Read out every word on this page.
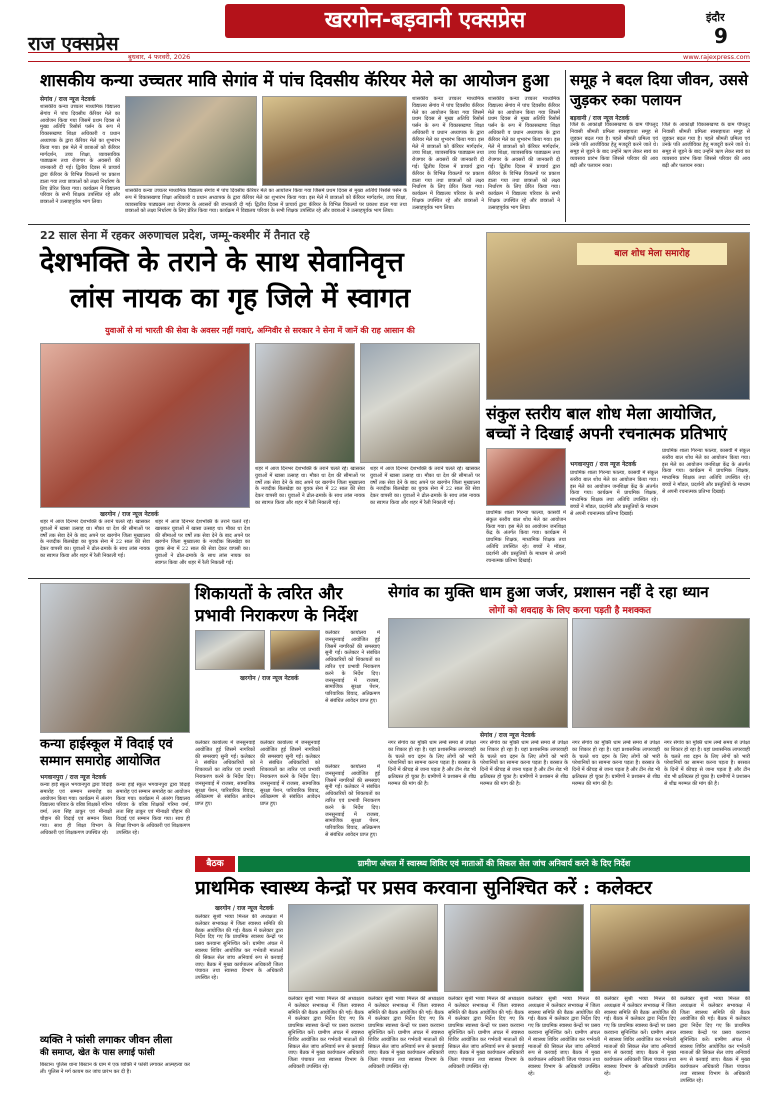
राज एक्सप्रेस
खरगोन-बड़वानी एक्सप्रेस	इंदौर
9
बुधवार, 4 फरवरी, 2026	www.rajexpress.com
शासकीय कन्या उच्चतर मावि सेगांव में पांच दिवसीय कॅरियर मेले का आयोजन हुआ
सेगांव / राज न्यूज नेटवर्क
शासकीय कन्या उच्चतर माध्यमिक विद्यालय सेगांव में पांच दिवसीय कॅरियर मेले का आयोजन किया गया जिसमें प्रथम दिवस से मुख्य अतिथि रिसोर्स पर्सन के रूप में विकासखण्ड शिक्षा अधिकारी व प्रधान अध्यापक के द्वारा कॅरियर मेले का शुभारंभ किया गया। इस मेले में छात्राओं को कॅरियर मार्गदर्शन, उच्च शिक्षा, व्यावसायिक पाठ्यक्रम तथा रोजगार के अवसरों की जानकारी दी गई। द्वितीय दिवस में प्राचार्य द्वारा कॅरियर के विभिन्न विकल्पों पर प्रकाश डाला गया तथा छात्राओं को लक्ष्य निर्धारण के लिए प्रेरित किया गया। कार्यक्रम में विद्यालय परिवार के सभी शिक्षक उपस्थित रहे और छात्राओं ने उत्साहपूर्वक भाग लिया।
शासकीय कन्या उच्चतर माध्यमिक विद्यालय सेगांव में पांच दिवसीय कॅरियर मेले का आयोजन किया गया जिसमें प्रथम दिवस से मुख्य अतिथि रिसोर्स पर्सन के रूप में विकासखण्ड शिक्षा अधिकारी व प्रधान अध्यापक के द्वारा कॅरियर मेले का शुभारंभ किया गया। इस मेले में छात्राओं को कॅरियर मार्गदर्शन, उच्च शिक्षा, व्यावसायिक पाठ्यक्रम तथा रोजगार के अवसरों की जानकारी दी गई। द्वितीय दिवस में प्राचार्य द्वारा कॅरियर के विभिन्न विकल्पों पर प्रकाश डाला गया तथा छात्राओं को लक्ष्य निर्धारण के लिए प्रेरित किया गया। कार्यक्रम में विद्यालय परिवार के सभी शिक्षक उपस्थित रहे और छात्राओं ने उत्साहपूर्वक भाग लिया।
शासकीय कन्या उच्चतर माध्यमिक विद्यालय सेगांव में पांच दिवसीय कॅरियर मेले का आयोजन किया गया जिसमें प्रथम दिवस से मुख्य अतिथि रिसोर्स पर्सन के रूप में विकासखण्ड शिक्षा अधिकारी व प्रधान अध्यापक के द्वारा कॅरियर मेले का शुभारंभ किया गया। इस मेले में छात्राओं को कॅरियर मार्गदर्शन, उच्च शिक्षा, व्यावसायिक पाठ्यक्रम तथा रोजगार के अवसरों की जानकारी दी गई। द्वितीय दिवस में प्राचार्य द्वारा कॅरियर के विभिन्न विकल्पों पर प्रकाश डाला गया तथा छात्राओं को लक्ष्य निर्धारण के लिए प्रेरित किया गया। कार्यक्रम में विद्यालय परिवार के सभी शिक्षक उपस्थित रहे और छात्राओं ने उत्साहपूर्वक भाग लिया।
शासकीय कन्या उच्चतर माध्यमिक विद्यालय सेगांव में पांच दिवसीय कॅरियर मेले का आयोजन किया गया जिसमें प्रथम दिवस से मुख्य अतिथि रिसोर्स पर्सन के रूप में विकासखण्ड शिक्षा अधिकारी व प्रधान अध्यापक के द्वारा कॅरियर मेले का शुभारंभ किया गया। इस मेले में छात्राओं को कॅरियर मार्गदर्शन, उच्च शिक्षा, व्यावसायिक पाठ्यक्रम तथा रोजगार के अवसरों की जानकारी दी गई। द्वितीय दिवस में प्राचार्य द्वारा कॅरियर के विभिन्न विकल्पों पर प्रकाश डाला गया तथा छात्राओं को लक्ष्य निर्धारण के लिए प्रेरित किया गया। कार्यक्रम में विद्यालय परिवार के सभी शिक्षक उपस्थित रहे और छात्राओं ने उत्साहपूर्वक भाग लिया।
समूह ने बदल दिया जीवन, उससे जुड़कर रुका पलायन
बड़वानी / राज न्यूज नेटवर्क
जिले के आकांक्षी विकासखण्ड के ग्राम पीपलूद निवासी श्रीमती प्रमिला स्वसहायता समूह से जुड़कर बदल गया है। पहले श्रीमती प्रमिला एवं उनके पति आजीविका हेतु मजदूरी करने जाते थे। समूह से जुड़ने के बाद उन्होंने ऋण लेकर स्वयं का व्यवसाय प्रारंभ किया जिससे परिवार की आय बढ़ी और पलायन रुका।
जिले के आकांक्षी विकासखण्ड के ग्राम पीपलूद निवासी श्रीमती प्रमिला स्वसहायता समूह से जुड़कर बदल गया है। पहले श्रीमती प्रमिला एवं उनके पति आजीविका हेतु मजदूरी करने जाते थे। समूह से जुड़ने के बाद उन्होंने ऋण लेकर स्वयं का व्यवसाय प्रारंभ किया जिससे परिवार की आय बढ़ी और पलायन रुका।
22 साल सेना में रहकर अरुणाचल प्रदेश, जम्मू-कश्मीर में तैनात रहे
देशभक्ति के तराने के साथ सेवानिवृत्त
लांस नायक का गृह जिले में स्वागत
युवाओं से मां भारती की सेवा के अवसर नहीं गवाएं, अग्निवीर से सरकार ने सेना में जानें की राह आसान की
खरगोन / राज न्यूज नेटवर्क
शहर में आज दिनभर देशभक्ति के तराने चलते रहे। खासकर युवाओं में खासा उत्साह था। मौका था देश की सीमाओं पर वर्षों तक सेवा देने के बाद अपने घर खरगोन जिला मुख्यालय के नजदीक बिलखेड़ा का युवक सेना में 22 साल की सेवा देकर वापसी का। युवाओं ने ढोल-ढमाके के साथ लांस नायक का स्वागत किया और शहर में रैली निकाली गई।
शहर में आज दिनभर देशभक्ति के तराने चलते रहे। खासकर युवाओं में खासा उत्साह था। मौका था देश की सीमाओं पर वर्षों तक सेवा देने के बाद अपने घर खरगोन जिला मुख्यालय के नजदीक बिलखेड़ा का युवक सेना में 22 साल की सेवा देकर वापसी का। युवाओं ने ढोल-ढमाके के साथ लांस नायक का स्वागत किया और शहर में रैली निकाली गई।
शहर में आज दिनभर देशभक्ति के तराने चलते रहे। खासकर युवाओं में खासा उत्साह था। मौका था देश की सीमाओं पर वर्षों तक सेवा देने के बाद अपने घर खरगोन जिला मुख्यालय के नजदीक बिलखेड़ा का युवक सेना में 22 साल की सेवा देकर वापसी का। युवाओं ने ढोल-ढमाके के साथ लांस नायक का स्वागत किया और शहर में रैली निकाली गई।
शहर में आज दिनभर देशभक्ति के तराने चलते रहे। खासकर युवाओं में खासा उत्साह था। मौका था देश की सीमाओं पर वर्षों तक सेवा देने के बाद अपने घर खरगोन जिला मुख्यालय के नजदीक बिलखेड़ा का युवक सेना में 22 साल की सेवा देकर वापसी का। युवाओं ने ढोल-ढमाके के साथ लांस नायक का स्वागत किया और शहर में रैली निकाली गई।
बाल शोध मेला समारोह
संकुल स्तरीय बाल शोध मेला आयोजित,
बच्चों ने दिखाई अपनी रचनात्मक प्रतिभाएं
भगवानपुरा / राज न्यूज नेटवर्क
प्राथमिक शाला गिरन्या फाल्या, कासवी में संकुल स्तरीय बाल शोध मेले का आयोजन किया गया। इस मेले का आयोजन जनशिक्षा केंद्र के अंतर्गत किया गया। कार्यक्रम में प्राथमिक शिक्षक, माध्यमिक शिक्षक तथा अतिथि उपस्थित रहे। बच्चों ने मॉडल, प्रदर्शनी और प्रस्तुतियों के माध्यम से अपनी रचनात्मक प्रतिभा दिखाई।
प्राथमिक शाला गिरन्या फाल्या, कासवी में संकुल स्तरीय बाल शोध मेले का आयोजन किया गया। इस मेले का आयोजन जनशिक्षा केंद्र के अंतर्गत किया गया। कार्यक्रम में प्राथमिक शिक्षक, माध्यमिक शिक्षक तथा अतिथि उपस्थित रहे। बच्चों ने मॉडल, प्रदर्शनी और प्रस्तुतियों के माध्यम से अपनी रचनात्मक प्रतिभा दिखाई।
प्राथमिक शाला गिरन्या फाल्या, कासवी में संकुल स्तरीय बाल शोध मेले का आयोजन किया गया। इस मेले का आयोजन जनशिक्षा केंद्र के अंतर्गत किया गया। कार्यक्रम में प्राथमिक शिक्षक, माध्यमिक शिक्षक तथा अतिथि उपस्थित रहे। बच्चों ने मॉडल, प्रदर्शनी और प्रस्तुतियों के माध्यम से अपनी रचनात्मक प्रतिभा दिखाई।
शिकायतों के त्वरित और
प्रभावी निराकरण के निर्देश
खरगोन / राज न्यूज नेटवर्क
कलेक्टर कार्यालय में जनसुनवाई आयोजित हुई जिसमें नागरिकों की समस्याएं सुनी गईं। कलेक्टर ने संबंधित अधिकारियों को शिकायतों का त्वरित एवं प्रभावी निराकरण करने के निर्देश दिए। जनसुनवाई में राजस्व, सामाजिक सुरक्षा पेंशन, पारिवारिक विवाद, अतिक्रमण से संबंधित आवेदन प्राप्त हुए।
कलेक्टर कार्यालय में जनसुनवाई आयोजित हुई जिसमें नागरिकों की समस्याएं सुनी गईं। कलेक्टर ने संबंधित अधिकारियों को शिकायतों का त्वरित एवं प्रभावी निराकरण करने के निर्देश दिए। जनसुनवाई में राजस्व, सामाजिक सुरक्षा पेंशन, पारिवारिक विवाद, अतिक्रमण से संबंधित आवेदन प्राप्त हुए।
कलेक्टर कार्यालय में जनसुनवाई आयोजित हुई जिसमें नागरिकों की समस्याएं सुनी गईं। कलेक्टर ने संबंधित अधिकारियों को शिकायतों का त्वरित एवं प्रभावी निराकरण करने के निर्देश दिए। जनसुनवाई में राजस्व, सामाजिक सुरक्षा पेंशन, पारिवारिक विवाद, अतिक्रमण से संबंधित आवेदन प्राप्त हुए।
कलेक्टर कार्यालय में जनसुनवाई आयोजित हुई जिसमें नागरिकों की समस्याएं सुनी गईं। कलेक्टर ने संबंधित अधिकारियों को शिकायतों का त्वरित एवं प्रभावी निराकरण करने के निर्देश दिए। जनसुनवाई में राजस्व, सामाजिक सुरक्षा पेंशन, पारिवारिक विवाद, अतिक्रमण से संबंधित आवेदन प्राप्त हुए।
सेगांव का मुक्ति धाम हुआ जर्जर, प्रशासन नहीं दे रहा ध्यान
लोगों को शवदाह के लिए करना पड़ती है मशक्कत
सेगांव / राज न्यूज नेटवर्क
नगर सेगांव का मुक्ति धाम लम्बे समय से उपेक्षा का शिकार हो रहा है। यहां प्रशासनिक लापरवाही के चलते शव दहन के लिए लोगों को भारी परेशानियों का सामना करना पड़ता है। बरसात के दिनों में कीचड़ से जाना पड़ता है और टीन शेड भी क्षतिग्रस्त हो चुका है। ग्रामीणों ने प्रशासन से शीघ्र मरम्मत की मांग की है।
नगर सेगांव का मुक्ति धाम लम्बे समय से उपेक्षा का शिकार हो रहा है। यहां प्रशासनिक लापरवाही के चलते शव दहन के लिए लोगों को भारी परेशानियों का सामना करना पड़ता है। बरसात के दिनों में कीचड़ से जाना पड़ता है और टीन शेड भी क्षतिग्रस्त हो चुका है। ग्रामीणों ने प्रशासन से शीघ्र मरम्मत की मांग की है।
नगर सेगांव का मुक्ति धाम लम्बे समय से उपेक्षा का शिकार हो रहा है। यहां प्रशासनिक लापरवाही के चलते शव दहन के लिए लोगों को भारी परेशानियों का सामना करना पड़ता है। बरसात के दिनों में कीचड़ से जाना पड़ता है और टीन शेड भी क्षतिग्रस्त हो चुका है। ग्रामीणों ने प्रशासन से शीघ्र मरम्मत की मांग की है।
नगर सेगांव का मुक्ति धाम लम्बे समय से उपेक्षा का शिकार हो रहा है। यहां प्रशासनिक लापरवाही के चलते शव दहन के लिए लोगों को भारी परेशानियों का सामना करना पड़ता है। बरसात के दिनों में कीचड़ से जाना पड़ता है और टीन शेड भी क्षतिग्रस्त हो चुका है। ग्रामीणों ने प्रशासन से शीघ्र मरम्मत की मांग की है।
कन्या हाईस्कूल में विदाई एवं
सम्मान समारोह आयोजित
भगवानपुरा / राज न्यूज नेटवर्क
कन्या हाई स्कूल भगवानपुरा द्वारा विदाई समारोह एवं सम्मान समारोह का आयोजन किया गया। कार्यक्रम में अंतरंग विद्यालय परिवार के वरिष्ठ शिक्षकों गरिमा वर्मा, लता सिंह ठाकुर एवं मीनाक्षी चौहान की विदाई एवं सम्मान किया गया। साथ ही शिक्षा विभाग के अधिकारी एवं शिक्षकगण उपस्थित रहे।
कन्या हाई स्कूल भगवानपुरा द्वारा विदाई समारोह एवं सम्मान समारोह का आयोजन किया गया। कार्यक्रम में अंतरंग विद्यालय परिवार के वरिष्ठ शिक्षकों गरिमा वर्मा, लता सिंह ठाकुर एवं मीनाक्षी चौहान की विदाई एवं सम्मान किया गया। साथ ही शिक्षा विभाग के अधिकारी एवं शिक्षकगण उपस्थित रहे।
बैठक	ग्रामीण अंचल में स्वास्थ्य शिविर एवं माताओं की सिकल सेल जांच अनिवार्य करने के दिए निर्देश
प्राथमिक स्वास्थ्य केन्द्रों पर प्रसव करवाना सुनिश्चित करें : कलेक्टर
खरगोन / राज न्यूज नेटवर्क
कलेक्टर सुश्री भव्या मित्तल की अध्यक्षता में कलेक्टर सभाकक्ष में जिला स्वास्थ्य समिति की बैठक आयोजित की गई। बैठक में कलेक्टर द्वारा निर्देश दिए गए कि प्राथमिक स्वास्थ्य केन्द्रों पर प्रसव करवाना सुनिश्चित करें। ग्रामीण अंचल में स्वास्थ्य शिविर आयोजित कर गर्भवती माताओं की सिकल सेल जांच अनिवार्य रूप से करवाई जाए। बैठक में मुख्य कार्यपालन अधिकारी जिला पंचायत तथा स्वास्थ्य विभाग के अधिकारी उपस्थित रहे।
कलेक्टर सुश्री भव्या मित्तल की अध्यक्षता में कलेक्टर सभाकक्ष में जिला स्वास्थ्य समिति की बैठक आयोजित की गई। बैठक में कलेक्टर द्वारा निर्देश दिए गए कि प्राथमिक स्वास्थ्य केन्द्रों पर प्रसव करवाना सुनिश्चित करें। ग्रामीण अंचल में स्वास्थ्य शिविर आयोजित कर गर्भवती माताओं की सिकल सेल जांच अनिवार्य रूप से करवाई जाए। बैठक में मुख्य कार्यपालन अधिकारी जिला पंचायत तथा स्वास्थ्य विभाग के अधिकारी उपस्थित रहे।
कलेक्टर सुश्री भव्या मित्तल की अध्यक्षता में कलेक्टर सभाकक्ष में जिला स्वास्थ्य समिति की बैठक आयोजित की गई। बैठक में कलेक्टर द्वारा निर्देश दिए गए कि प्राथमिक स्वास्थ्य केन्द्रों पर प्रसव करवाना सुनिश्चित करें। ग्रामीण अंचल में स्वास्थ्य शिविर आयोजित कर गर्भवती माताओं की सिकल सेल जांच अनिवार्य रूप से करवाई जाए। बैठक में मुख्य कार्यपालन अधिकारी जिला पंचायत तथा स्वास्थ्य विभाग के अधिकारी उपस्थित रहे।
कलेक्टर सुश्री भव्या मित्तल की अध्यक्षता में कलेक्टर सभाकक्ष में जिला स्वास्थ्य समिति की बैठक आयोजित की गई। बैठक में कलेक्टर द्वारा निर्देश दिए गए कि प्राथमिक स्वास्थ्य केन्द्रों पर प्रसव करवाना सुनिश्चित करें। ग्रामीण अंचल में स्वास्थ्य शिविर आयोजित कर गर्भवती माताओं की सिकल सेल जांच अनिवार्य रूप से करवाई जाए। बैठक में मुख्य कार्यपालन अधिकारी जिला पंचायत तथा स्वास्थ्य विभाग के अधिकारी उपस्थित रहे।
कलेक्टर सुश्री भव्या मित्तल की अध्यक्षता में कलेक्टर सभाकक्ष में जिला स्वास्थ्य समिति की बैठक आयोजित की गई। बैठक में कलेक्टर द्वारा निर्देश दिए गए कि प्राथमिक स्वास्थ्य केन्द्रों पर प्रसव करवाना सुनिश्चित करें। ग्रामीण अंचल में स्वास्थ्य शिविर आयोजित कर गर्भवती माताओं की सिकल सेल जांच अनिवार्य रूप से करवाई जाए। बैठक में मुख्य कार्यपालन अधिकारी जिला पंचायत तथा स्वास्थ्य विभाग के अधिकारी उपस्थित रहे।
कलेक्टर सुश्री भव्या मित्तल की अध्यक्षता में कलेक्टर सभाकक्ष में जिला स्वास्थ्य समिति की बैठक आयोजित की गई। बैठक में कलेक्टर द्वारा निर्देश दिए गए कि प्राथमिक स्वास्थ्य केन्द्रों पर प्रसव करवाना सुनिश्चित करें। ग्रामीण अंचल में स्वास्थ्य शिविर आयोजित कर गर्भवती माताओं की सिकल सेल जांच अनिवार्य रूप से करवाई जाए। बैठक में मुख्य कार्यपालन अधिकारी जिला पंचायत तथा स्वास्थ्य विभाग के अधिकारी उपस्थित रहे।
कलेक्टर सुश्री भव्या मित्तल की अध्यक्षता में कलेक्टर सभाकक्ष में जिला स्वास्थ्य समिति की बैठक आयोजित की गई। बैठक में कलेक्टर द्वारा निर्देश दिए गए कि प्राथमिक स्वास्थ्य केन्द्रों पर प्रसव करवाना सुनिश्चित करें। ग्रामीण अंचल में स्वास्थ्य शिविर आयोजित कर गर्भवती माताओं की सिकल सेल जांच अनिवार्य रूप से करवाई जाए। बैठक में मुख्य कार्यपालन अधिकारी जिला पंचायत तथा स्वास्थ्य विभाग के अधिकारी उपस्थित रहे।
व्यक्ति ने फांसी लगाकर जीवन लीला
की समाप्त, खेत के पास लगाई फांसी
बिस्टान। पुलिस थाना बिस्टान के ग्राम में एक व्यक्ति ने फांसी लगाकर आत्महत्या कर ली। पुलिस ने मर्ग कायम कर जांच प्रारंभ कर दी है।
